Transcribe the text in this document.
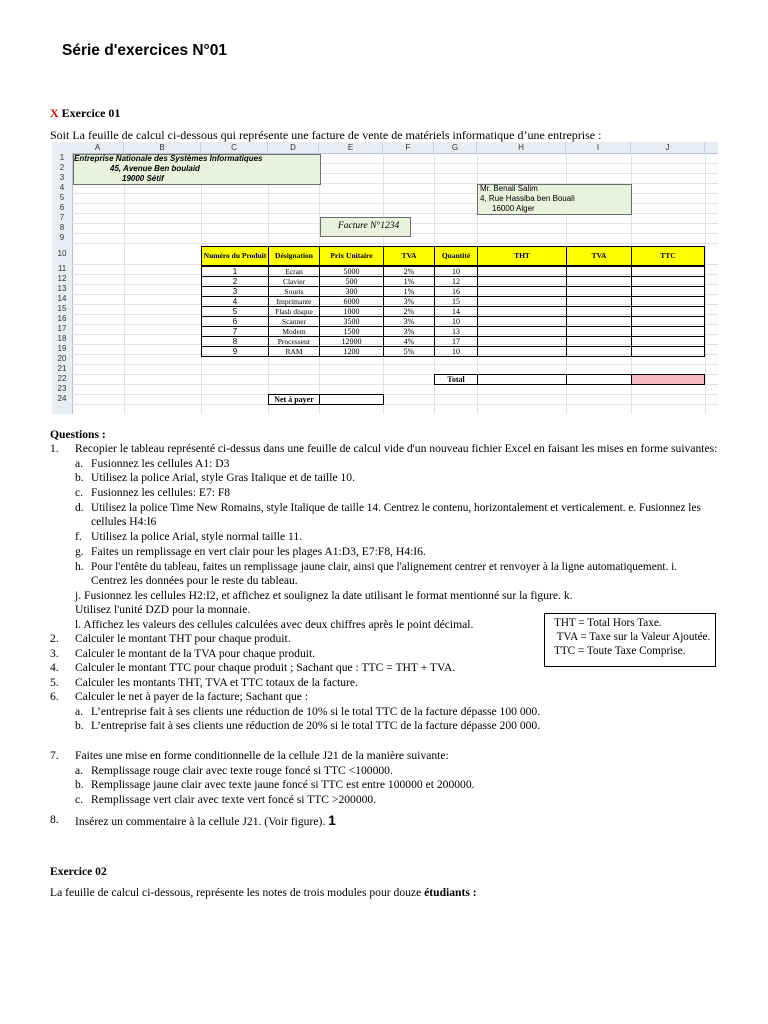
Série d'exercices N°01
X Exercice 01
Soit La feuille de calcul ci-dessous qui représente une facture de vente de matériels informatique d’une entreprise :
Entreprise Nationale des Systèmes Informatiques
45, Avenue Ben boulaid
19000 Sétif
Mr. Benali Salim
4, Rue Hassiba ben Bouali
16000 Alger
Facture N°1234
Numéro du Produit	Désignation	Prix Unitaire	TVA	Quantité	THT	TVA	TTC
1	Ecran	5000	2%	10
2	Clavier	500	1%	12
3	Souris	300	1%	16
4	Imprimante	6000	3%	15
5	Flash disque	1000	2%	14
6	Scanner	3500	3%	10
7	Modem	1500	3%	13
8	Processeur	12000	4%	17
9	RAM	1200	5%	10
Total
Net à payer
A	B	C	D	E	F	G	H	I	J
1
2
3
4
5
6
7
8
9
10
11
12
13
14
15
16
17
18
19
20
21
22
23
24
Questions :
1. Recopier le tableau représenté ci-dessus dans une feuille de calcul vide d'un nouveau fichier Excel en faisant les mises en forme suivantes:
a. Fusionnez les cellules A1: D3
b. Utilisez la police Arial, style Gras Italique et de taille 10.
c. Fusionnez les cellules: E7: F8
d. Utilisez la police Time New Romains, style Italique de taille 14. Centrez le contenu, horizontalement et verticalement. e. Fusionnez les
cellules H4:I6
f. Utilisez la police Arial, style normal taille 11.
g. Faites un remplissage en vert clair pour les plages A1:D3, E7:F8, H4:I6.
h. Pour l'entête du tableau, faites un remplissage jaune clair, ainsi que l'alignement centrer et renvoyer à la ligne automatiquement. i.
Centrez les données pour le reste du tableau.
j. Fusionnez les cellules H2:I2, et affichez et soulignez la date utilisant le format mentionné sur la figure. k.
Utilisez l'unité DZD pour la monnaie.
l. Affichez les valeurs des cellules calculées avec deux chiffres après le point décimal.
2. Calculer le montant THT pour chaque produit.
3. Calculer le montant de la TVA pour chaque produit.
4. Calculer le montant TTC pour chaque produit ; Sachant que : TTC = THT + TVA.
5. Calculer les montants THT, TVA et TTC totaux de la facture.
6. Calculer le net à payer de la facture; Sachant que :
a. L’entreprise fait à ses clients une réduction de 10% si le total TTC de la facture dépasse 100 000.
b. L’entreprise fait à ses clients une réduction de 20% si le total TTC de la facture dépasse 200 000.
7. Faites une mise en forme conditionnelle de la cellule J21 de la manière suivante:
a. Remplissage rouge clair avec texte rouge foncé si TTC <100000.
b. Remplissage jaune clair avec texte jaune foncé si TTC est entre 100000 et 200000.
c. Remplissage vert clair avec texte vert foncé si TTC >200000.
8. Insérez un commentaire à la cellule J21. (Voir figure). 1
THT = Total Hors Taxe.
TVA = Taxe sur la Valeur Ajoutée.
TTC = Toute Taxe Comprise.
Exercice 02
La feuille de calcul ci-dessous, représente les notes de trois modules pour douze étudiants :
